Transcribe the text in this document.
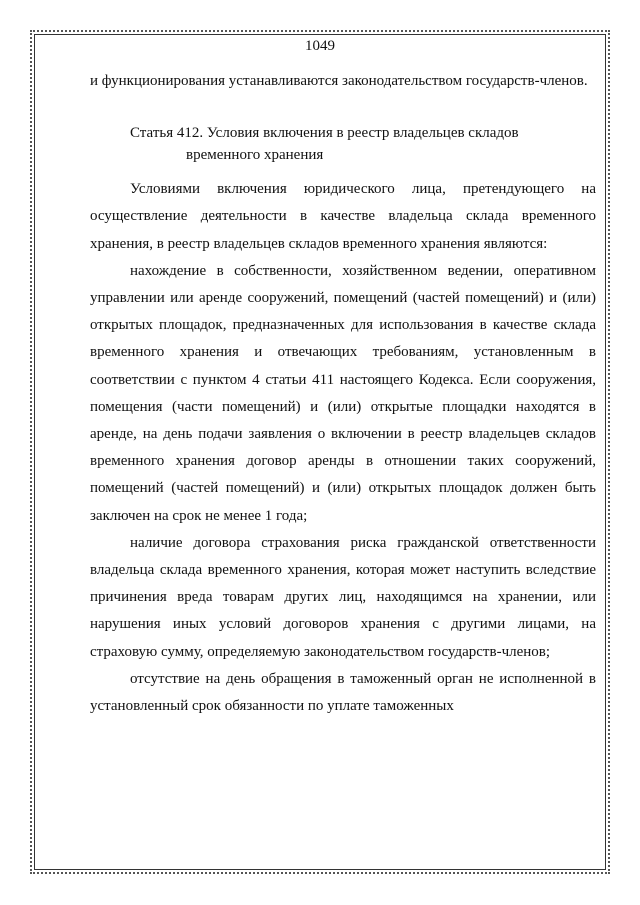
1049

и функционирования устанавливаются законодательством государств-членов.

Статья 412. Условия включения в реестр владельцев складов
временного хранения

Условиями включения юридического лица, претендующего на осуществление деятельности в качестве владельца склада временного хранения, в реестр владельцев складов временного хранения являются:

нахождение в собственности, хозяйственном ведении, оперативном управлении или аренде сооружений, помещений (частей помещений) и (или) открытых площадок, предназначенных для использования в качестве склада временного хранения и отвечающих требованиям, установленным в соответствии с пунктом 4 статьи 411 настоящего Кодекса. Если сооружения, помещения (части помещений) и (или) открытые площадки находятся в аренде, на день подачи заявления о включении в реестр владельцев складов временного хранения договор аренды в отношении таких сооружений, помещений (частей помещений) и (или) открытых площадок должен быть заключен на срок не менее 1 года;

наличие договора страхования риска гражданской ответственности владельца склада временного хранения, которая может наступить вследствие причинения вреда товарам других лиц, находящимся на хранении, или нарушения иных условий договоров хранения с другими лицами, на страховую сумму, определяемую законодательством государств-членов;

отсутствие на день обращения в таможенный орган не исполненной в установленный срок обязанности по уплате таможенных
